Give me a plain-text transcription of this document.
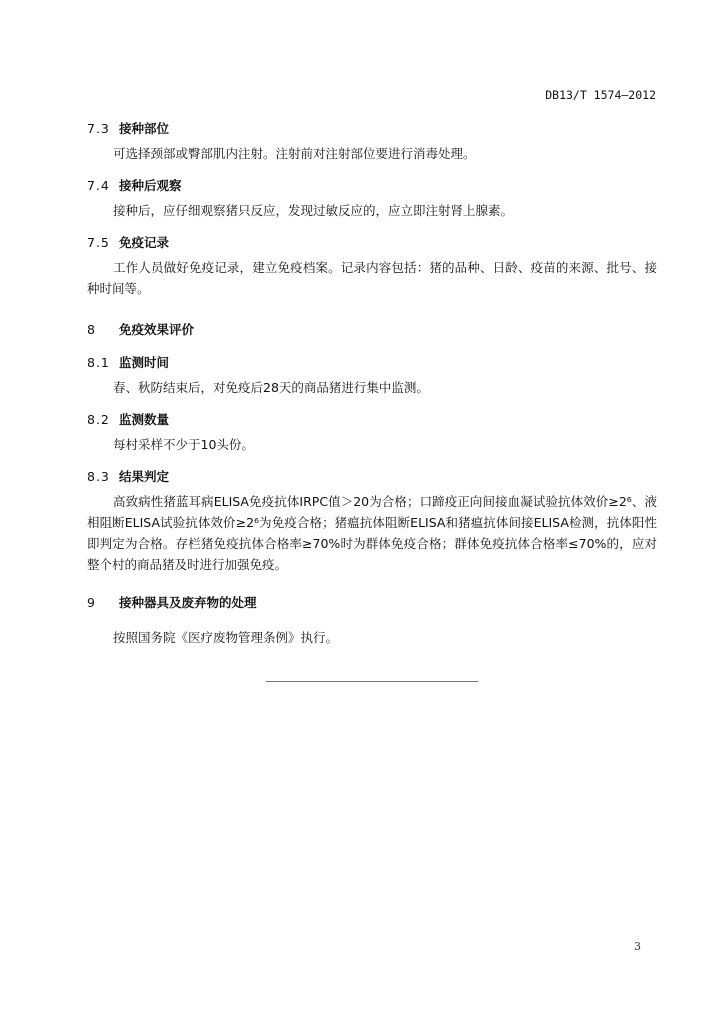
DB13/T 1574—2012
7.3 接种部位
可选择颈部或臀部肌内注射。注射前对注射部位要进行消毒处理。
7.4 接种后观察
接种后，应仔细观察猪只反应，发现过敏反应的，应立即注射肾上腺素。
7.5 免疫记录
工作人员做好免疫记录，建立免疫档案。记录内容包括：猪的品种、日龄、疫苗的来源、批号、接种时间等。
8 免疫效果评价
8.1 监测时间
春、秋防结束后，对免疫后28天的商品猪进行集中监测。
8.2 监测数量
每村采样不少于10头份。
8.3 结果判定
高致病性猪蓝耳病ELISA免疫抗体IRPC值＞20为合格；口蹄疫正向间接血凝试验抗体效价≥2⁶、液相阻断ELISA试验抗体效价≥2⁶为免疫合格；猪瘟抗体阻断ELISA和猪瘟抗体间接ELISA检测，抗体阳性即判定为合格。存栏猪免疫抗体合格率≥70%时为群体免疫合格；群体免疫抗体合格率≤70%的，应对整个村的商品猪及时进行加强免疫。
9 接种器具及废弃物的处理
按照国务院《医疗废物管理条例》执行。
3
